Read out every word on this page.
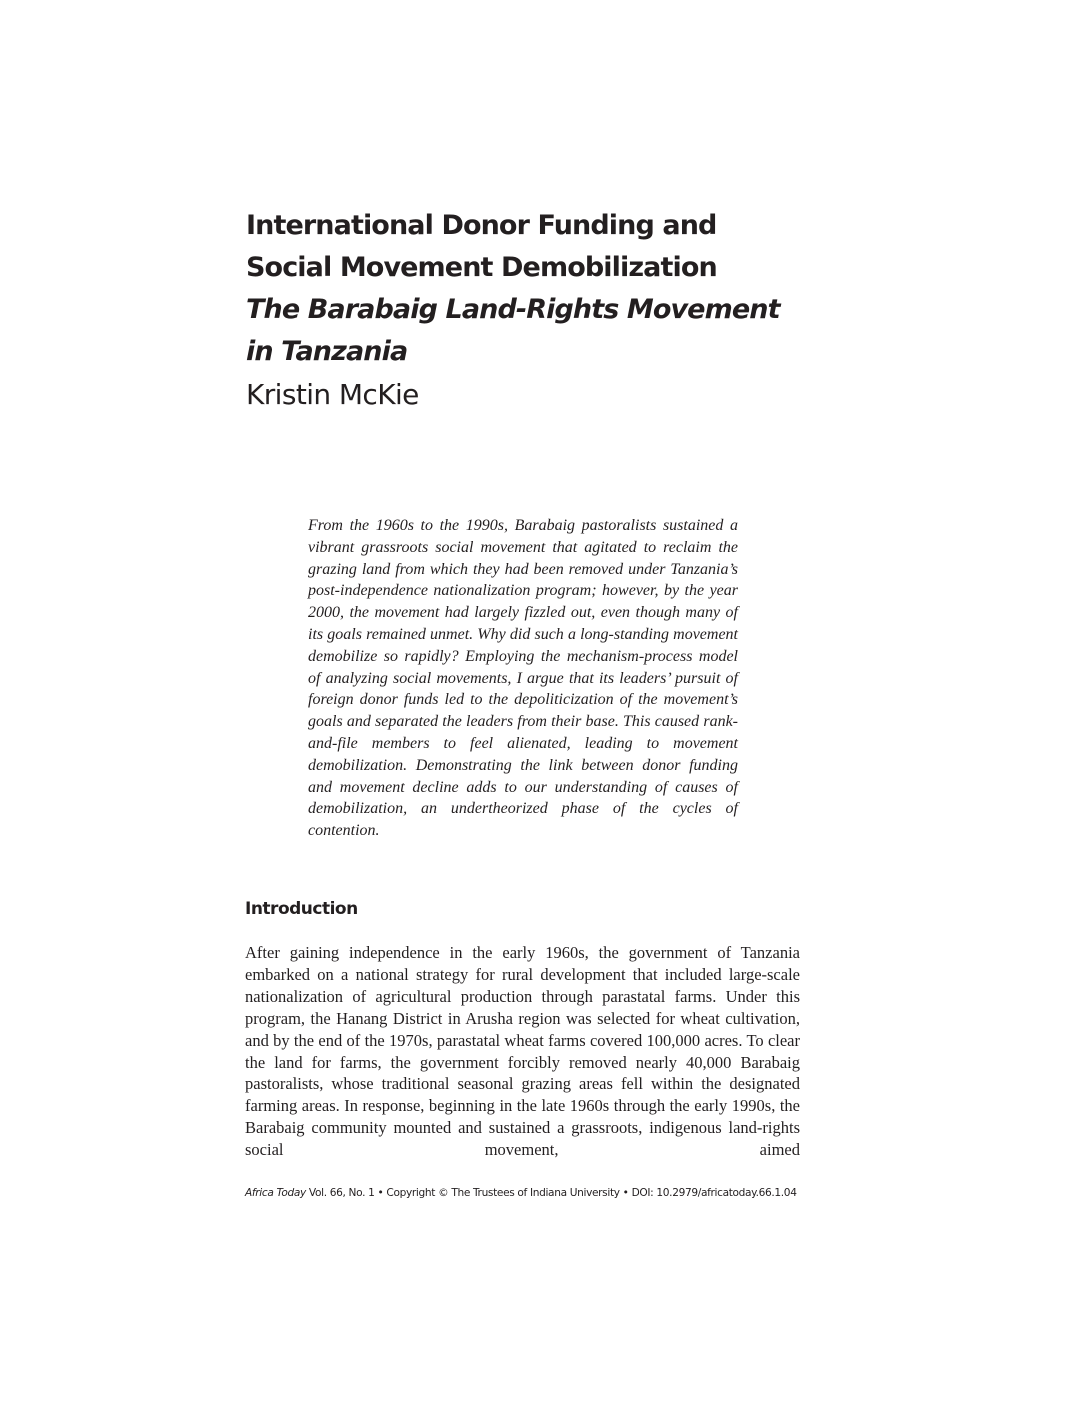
International Donor Funding and
Social Movement Demobilization
The Barabaig Land-Rights Movement
in Tanzania
Kristin McKie

From the 1960s to the 1990s, Barabaig pastoralists sustained a vibrant grassroots social movement that agitated to reclaim the grazing land from which they had been removed under Tanzania’s post-independence nationalization program; however, by the year 2000, the movement had largely fizzled out, even though many of its goals remained unmet. Why did such a long-standing movement demobilize so rapidly? Employing the mechanism-process model of analyzing social movements, I argue that its leaders’ pursuit of foreign donor funds led to the depoliticization of the movement’s goals and separated the leaders from their base. This caused rank-and-file members to feel alienated, leading to movement demobilization. Demonstrating the link between donor funding and movement decline adds to our understanding of causes of demobilization, an undertheorized phase of the cycles of contention.

Introduction

After gaining independence in the early 1960s, the government of Tanzania embarked on a national strategy for rural development that included large-scale nationalization of agricultural production through parastatal farms. Under this program, the Hanang District in Arusha region was selected for wheat cultivation, and by the end of the 1970s, parastatal wheat farms covered 100,000 acres. To clear the land for farms, the government forcibly removed nearly 40,000 Barabaig pastoralists, whose traditional seasonal grazing areas fell within the designated farming areas. In response, beginning in the late 1960s through the early 1990s, the Barabaig community mounted and sustained a grassroots, indigenous land-rights social movement, aimed

Africa Today Vol. 66, No. 1 • Copyright © The Trustees of Indiana University • DOI: 10.2979/africatoday.66.1.04
